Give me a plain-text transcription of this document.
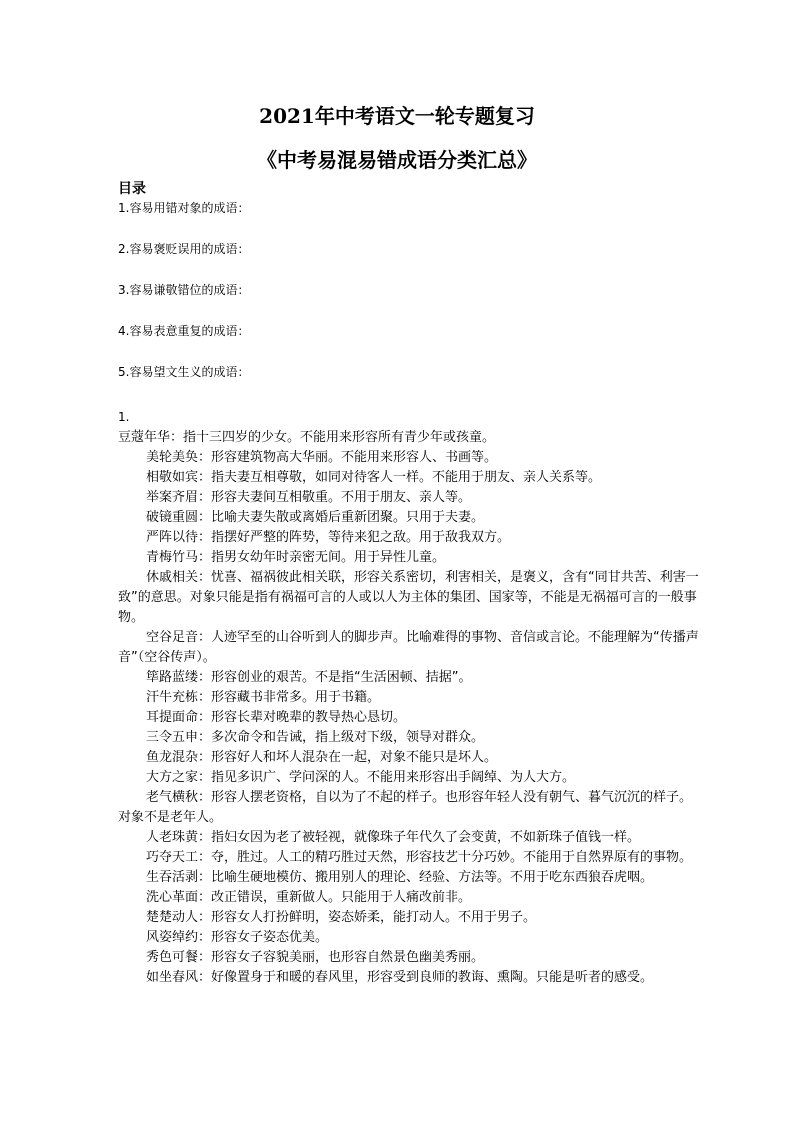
2021年中考语文一轮专题复习
《中考易混易错成语分类汇总》
目录
1.容易用错对象的成语：
2.容易褒贬误用的成语：
3.容易谦敬错位的成语：
4.容易表意重复的成语：
5.容易望文生义的成语：
1.

豆蔻年华：指十三四岁的少女。不能用来形容所有青少年或孩童。

美轮美奂：形容建筑物高大华丽。不能用来形容人、书画等。

相敬如宾：指夫妻互相尊敬，如同对待客人一样。不能用于朋友、亲人关系等。

举案齐眉：形容夫妻间互相敬重。不用于朋友、亲人等。

破镜重圆：比喻夫妻失散或离婚后重新团聚。只用于夫妻。

严阵以待：指摆好严整的阵势，等待来犯之敌。用于敌我双方。

青梅竹马：指男女幼年时亲密无间。用于异性儿童。

休戚相关：忧喜、福祸彼此相关联，形容关系密切，利害相关，是褒义，含有“同甘共苦、利害一致”的意思。对象只能是指有祸福可言的人或以人为主体的集团、国家等，不能是无祸福可言的一般事物。

空谷足音：人迹罕至的山谷听到人的脚步声。比喻难得的事物、音信或言论。不能理解为“传播声音”（空谷传声）。

筚路蓝缕：形容创业的艰苦。不是指“生活困顿、拮据”。

汗牛充栋：形容藏书非常多。用于书籍。

耳提面命：形容长辈对晚辈的教导热心恳切。

三令五申：多次命令和告诫，指上级对下级，领导对群众。

鱼龙混杂：形容好人和坏人混杂在一起，对象不能只是坏人。

大方之家：指见多识广、学问深的人。不能用来形容出手阔绰、为人大方。

老气横秋：形容人摆老资格，自以为了不起的样子。也形容年轻人没有朝气、暮气沉沉的样子。对象不是老年人。

人老珠黄：指妇女因为老了被轻视，就像珠子年代久了会变黄，不如新珠子值钱一样。

巧夺天工：夺，胜过。人工的精巧胜过天然，形容技艺十分巧妙。不能用于自然界原有的事物。

生吞活剥：比喻生硬地模仿、搬用别人的理论、经验、方法等。不用于吃东西狼吞虎咽。

洗心革面：改正错误，重新做人。只能用于人痛改前非。

楚楚动人：形容女人打扮鲜明，姿态娇柔，能打动人。不用于男子。

风姿绰约：形容女子姿态优美。

秀色可餐：形容女子容貌美丽，也形容自然景色幽美秀丽。

如坐春风：好像置身于和暖的春风里，形容受到良师的教诲、熏陶。只能是听者的感受。
